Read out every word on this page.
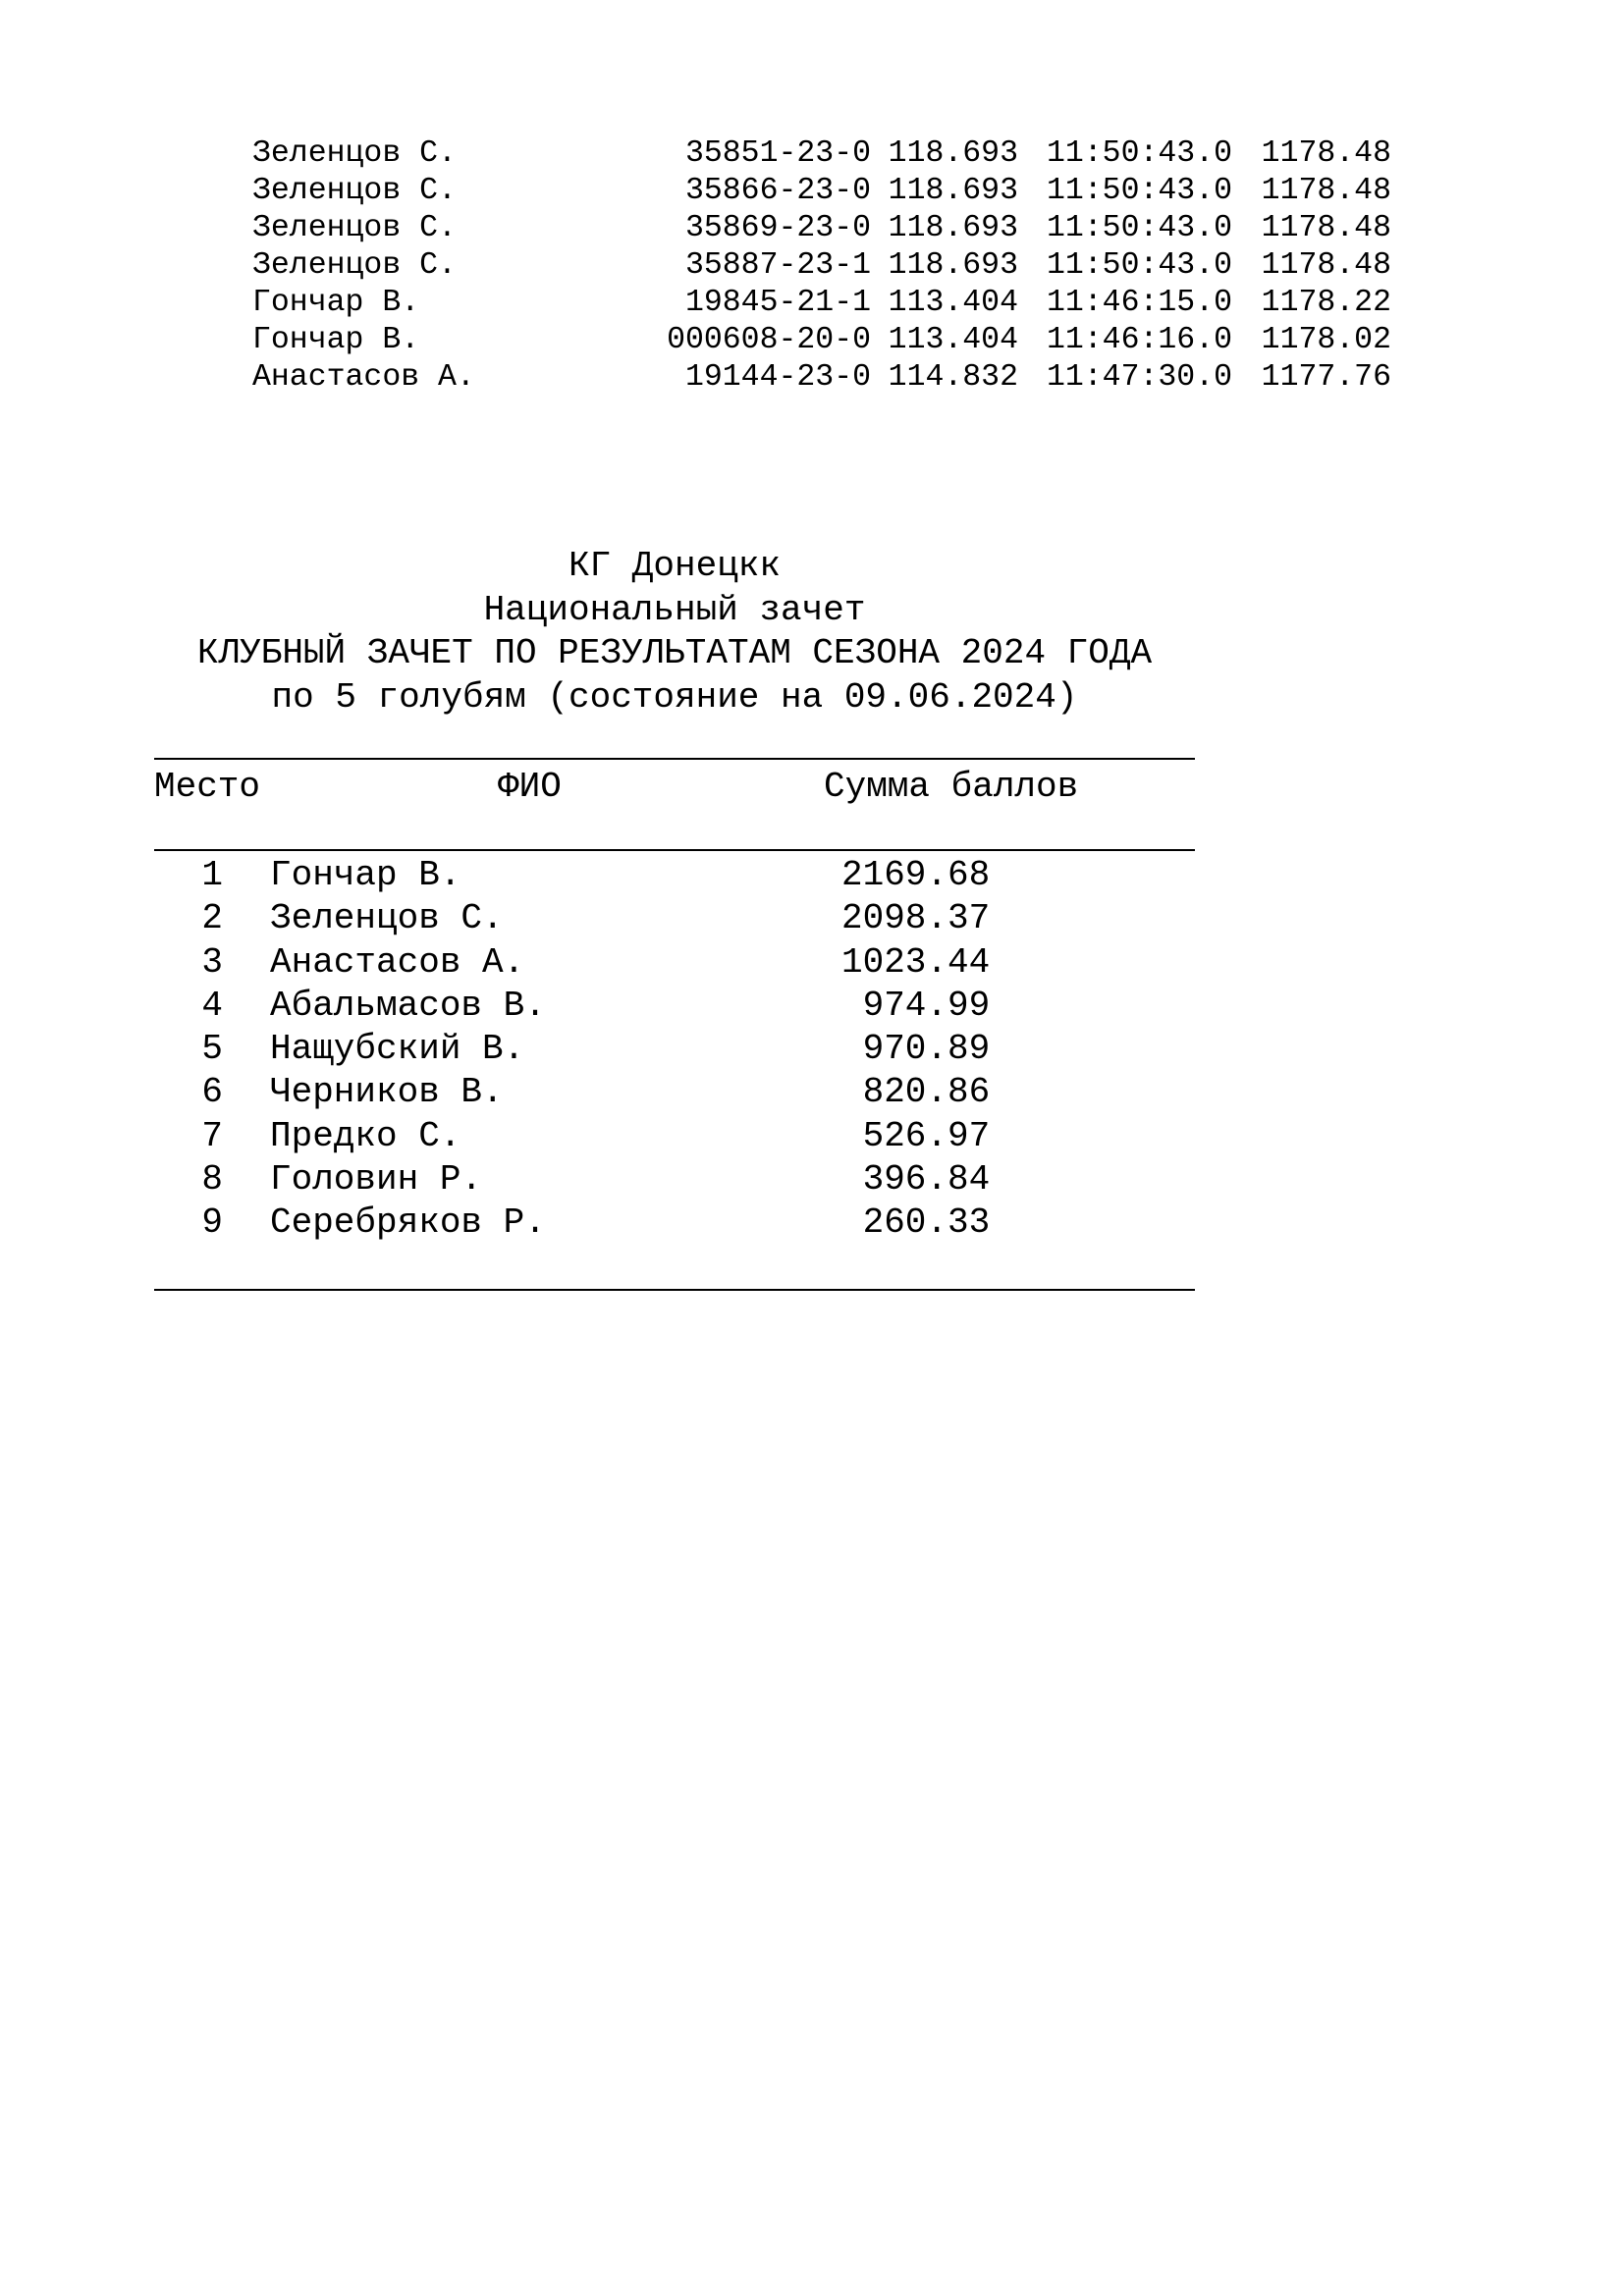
Зеленцов С.	35851-23-0 118.693 11:50:43.0 1178.48
Зеленцов С.	35866-23-0 118.693 11:50:43.0 1178.48
Зеленцов С.	35869-23-0 118.693 11:50:43.0 1178.48
Зеленцов С.	35887-23-1 118.693 11:50:43.0 1178.48
Гончар В.	19845-21-1 113.404 11:46:15.0 1178.22
Гончар В.	000608-20-0 113.404 11:46:16.0 1178.02
Анастасов А.	19144-23-0 114.832 11:47:30.0 1177.76
КГ Донецкк
Национальный зачет
КЛУБНЫЙ ЗАЧЕТ ПО РЕЗУЛЬТАТАМ СЕЗОНА 2024 ГОДА
по 5 голубям (состояние на 09.06.2024)
Место	ФИО	Сумма баллов
1 Гончар В.	2169.68
2 Зеленцов С.	2098.37
3 Анастасов А.	1023.44
4 Абальмасов В.	974.99
5 Нащубский В.	970.89
6 Черников В.	820.86
7 Предко С.	526.97
8 Головин Р.	396.84
9 Серебряков Р.	260.33
